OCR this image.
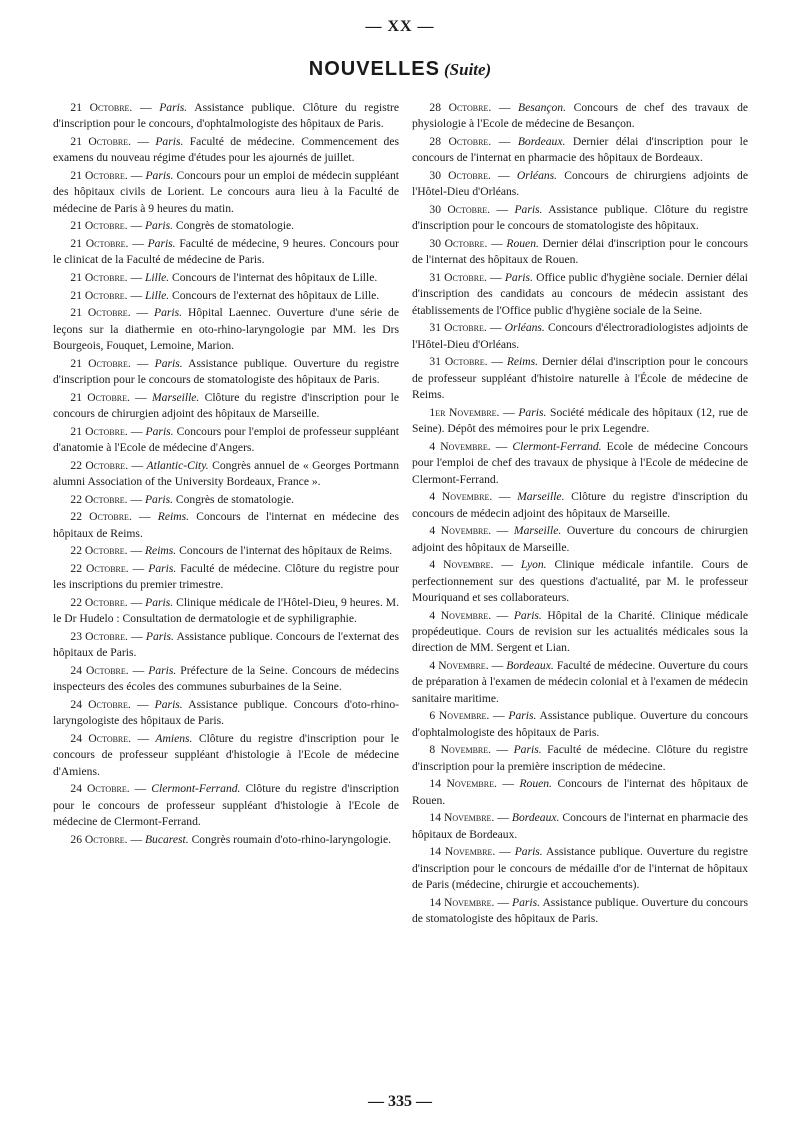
— XX —
NOUVELLES (Suite)

21 Octobre. — Paris. Assistance publique. Clôture du registre d'inscription pour le concours, d'ophtalmologiste des hôpitaux de Paris.

21 Octobre. — Paris. Faculté de médecine. Commencement des examens du nouveau régime d'études pour les ajournés de juillet.

21 Octobre. — Paris. Concours pour un emploi de médecin suppléant des hôpitaux civils de Lorient. Le concours aura lieu à la Faculté de médecine de Paris à 9 heures du matin.

21 Octobre. — Paris. Congrès de stomatologie.

21 Octobre. — Paris. Faculté de médecine, 9 heures. Concours pour le clinicat de la Faculté de médecine de Paris.

21 Octobre. — Lille. Concours de l'internat des hôpitaux de Lille.

21 Octobre. — Lille. Concours de l'externat des hôpitaux de Lille.

21 Octobre. — Paris. Hôpital Laennec. Ouverture d'une série de leçons sur la diathermie en oto-rhino-laryngologie par MM. les Drs Bourgeois, Fouquet, Lemoine, Marion.

21 Octobre. — Paris. Assistance publique. Ouverture du registre d'inscription pour le concours de stomatologiste des hôpitaux de Paris.

21 Octobre. — Marseille. Clôture du registre d'inscription pour le concours de chirurgien adjoint des hôpitaux de Marseille.

21 Octobre. — Paris. Concours pour l'emploi de professeur suppléant d'anatomie à l'Ecole de médecine d'Angers.

22 Octobre. — Atlantic-City. Congrès annuel de « Georges Portmann alumni Association of the University Bordeaux, France ».

22 Octobre. — Paris. Congrès de stomatologie.

22 Octobre. — Reims. Concours de l'internat en médecine des hôpitaux de Reims.

22 Octobre. — Reims. Concours de l'internat des hôpitaux de Reims.

22 Octobre. — Paris. Faculté de médecine. Clôture du registre pour les inscriptions du premier trimestre.

22 Octobre. — Paris. Clinique médicale de l'Hôtel-Dieu, 9 heures. M. le Dr Hudelo : Consultation de dermatologie et de syphiligraphie.

23 Octobre. — Paris. Assistance publique. Concours de l'externat des hôpitaux de Paris.

24 Octobre. — Paris. Préfecture de la Seine. Concours de médecins inspecteurs des écoles des communes suburbaines de la Seine.

24 Octobre. — Paris. Assistance publique. Concours d'oto-rhino-laryngologiste des hôpitaux de Paris.

24 Octobre. — Amiens. Clôture du registre d'inscription pour le concours de professeur suppléant d'histologie à l'Ecole de médecine d'Amiens.

24 Octobre. — Clermont-Ferrand. Clôture du registre d'inscription pour le concours de professeur suppléant d'histologie à l'Ecole de médecine de Clermont-Ferrand.

26 Octobre. — Bucarest. Congrès roumain d'oto-rhino-laryngologie.

28 Octobre. — Besançon. Concours de chef des travaux de physiologie à l'Ecole de médecine de Besançon.

28 Octobre. — Bordeaux. Dernier délai d'inscription pour le concours de l'internat en pharmacie des hôpitaux de Bordeaux.

30 Octobre. — Orléans. Concours de chirurgiens adjoints de l'Hôtel-Dieu d'Orléans.

30 Octobre. — Paris. Assistance publique. Clôture du registre d'inscription pour le concours de stomatologiste des hôpitaux.

30 Octobre. — Rouen. Dernier délai d'inscription pour le concours de l'internat des hôpitaux de Rouen.

31 Octobre. — Paris. Office public d'hygiène sociale. Dernier délai d'inscription des candidats au concours de médecin assistant des établissements de l'Office public d'hygiène sociale de la Seine.

31 Octobre. — Orléans. Concours d'électroradiologistes adjoints de l'Hôtel-Dieu d'Orléans.

31 Octobre. — Reims. Dernier délai d'inscription pour le concours de professeur suppléant d'histoire naturelle à l'École de médecine de Reims.

1er Novembre. — Paris. Société médicale des hôpitaux (12, rue de Seine). Dépôt des mémoires pour le prix Legendre.

4 Novembre. — Clermont-Ferrand. Ecole de médecine Concours pour l'emploi de chef des travaux de physique à l'Ecole de médecine de Clermont-Ferrand.

4 Novembre. — Marseille. Clôture du registre d'inscription du concours de médecin adjoint des hôpitaux de Marseille.

4 Novembre. — Marseille. Ouverture du concours de chirurgien adjoint des hôpitaux de Marseille.

4 Novembre. — Lyon. Clinique médicale infantile. Cours de perfectionnement sur des questions d'actualité, par M. le professeur Mouriquand et ses collaborateurs.

4 Novembre. — Paris. Hôpital de la Charité. Clinique médicale propédeutique. Cours de revision sur les actualités médicales sous la direction de MM. Sergent et Lian.

4 Novembre. — Bordeaux. Faculté de médecine. Ouverture du cours de préparation à l'examen de médecin colonial et à l'examen de médecin sanitaire maritime.

6 Novembre. — Paris. Assistance publique. Ouverture du concours d'ophtalmologiste des hôpitaux de Paris.

8 Novembre. — Paris. Faculté de médecine. Clôture du registre d'inscription pour la première inscription de médecine.

14 Novembre. — Rouen. Concours de l'internat des hôpitaux de Rouen.

14 Novembre. — Bordeaux. Concours de l'internat en pharmacie des hôpitaux de Bordeaux.

14 Novembre. — Paris. Assistance publique. Ouverture du registre d'inscription pour le concours de médaille d'or de l'internat de hôpitaux de Paris (médecine, chirurgie et accouchements).

14 Novembre. — Paris. Assistance publique. Ouverture du concours de stomatologiste des hôpitaux de Paris.

— 335 —
